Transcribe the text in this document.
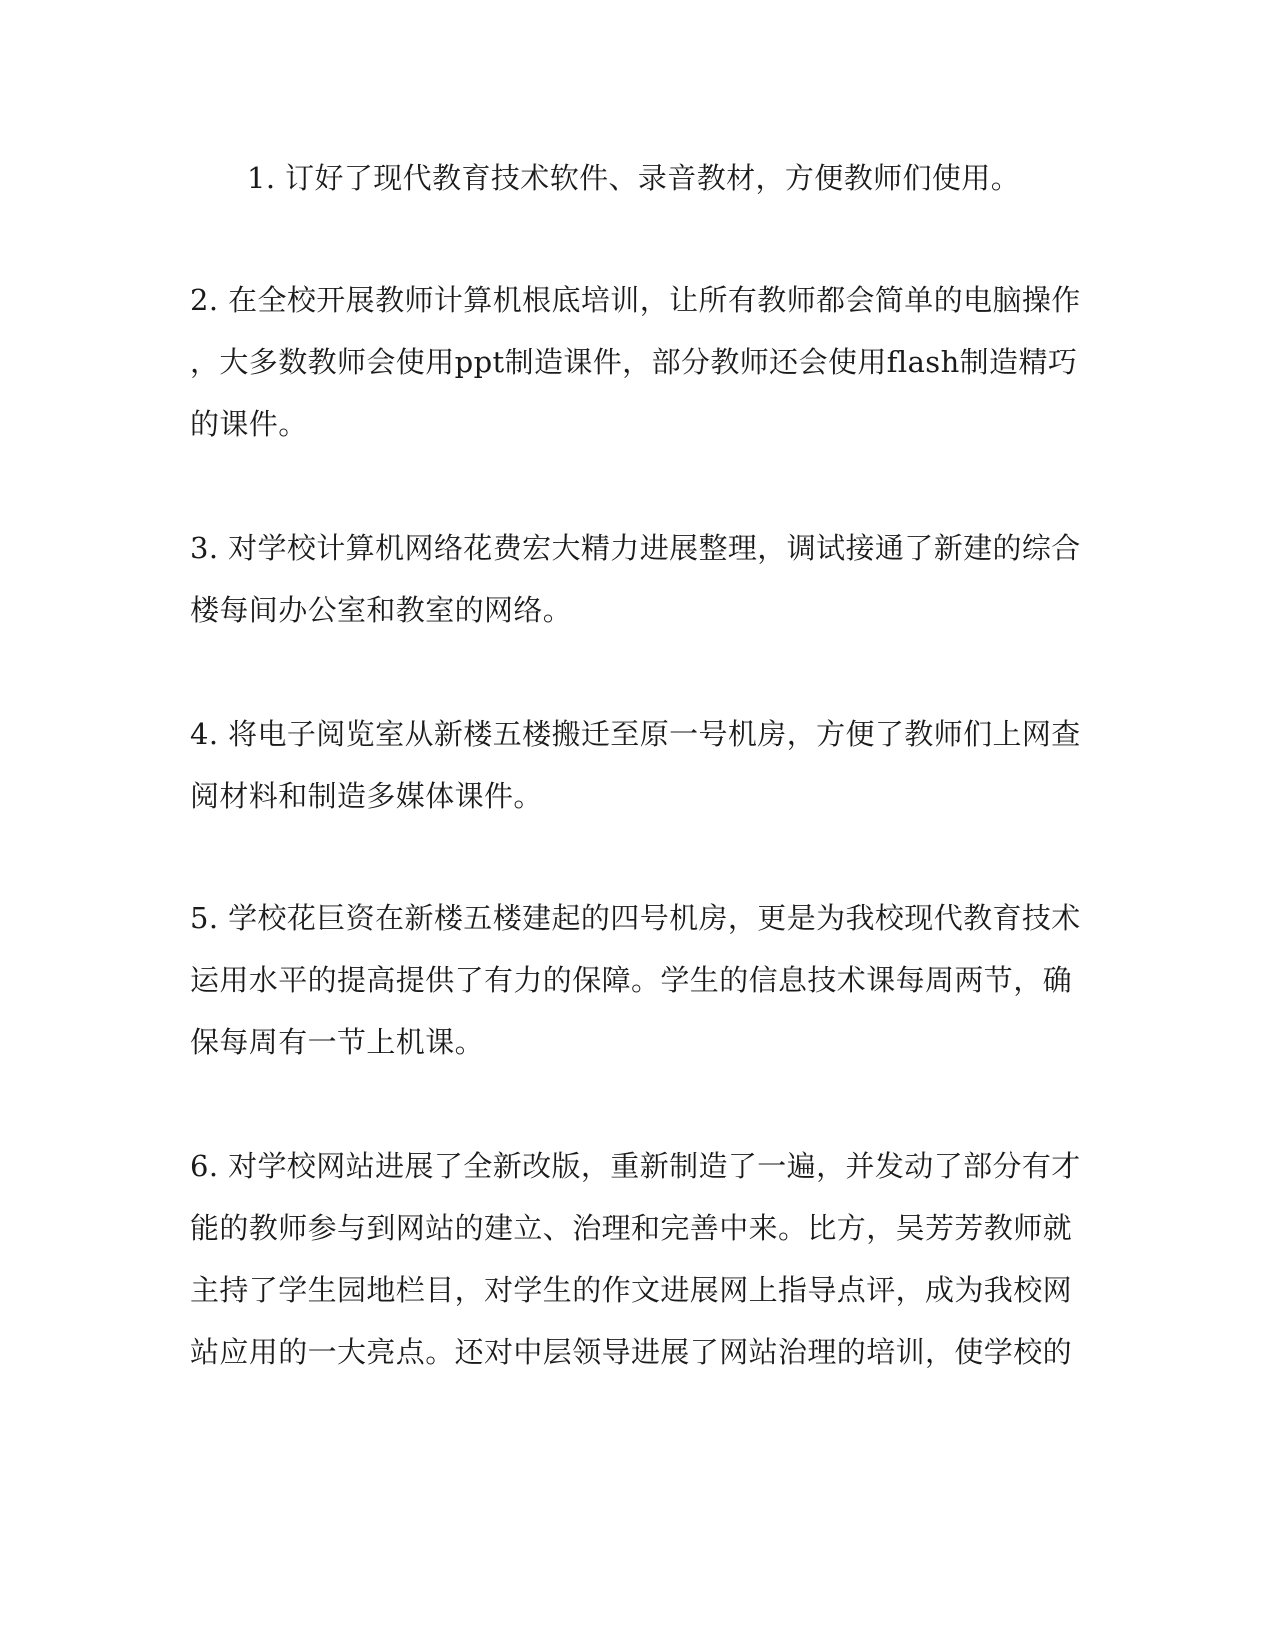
1. 订好了现代教育技术软件、录音教材，方便教师们使用。
2. 在全校开展教师计算机根底培训，让所有教师都会简单的电脑操作
，大多数教师会使用ppt制造课件，部分教师还会使用flash制造精巧
的课件。
3. 对学校计算机网络花费宏大精力进展整理，调试接通了新建的综合
楼每间办公室和教室的网络。
4. 将电子阅览室从新楼五楼搬迁至原一号机房，方便了教师们上网查
阅材料和制造多媒体课件。
5. 学校花巨资在新楼五楼建起的四号机房，更是为我校现代教育技术
运用水平的提高提供了有力的保障。学生的信息技术课每周两节，确
保每周有一节上机课。
6. 对学校网站进展了全新改版，重新制造了一遍，并发动了部分有才
能的教师参与到网站的建立、治理和完善中来。比方，吴芳芳教师就
主持了学生园地栏目，对学生的作文进展网上指导点评，成为我校网
站应用的一大亮点。还对中层领导进展了网站治理的培训，使学校的
